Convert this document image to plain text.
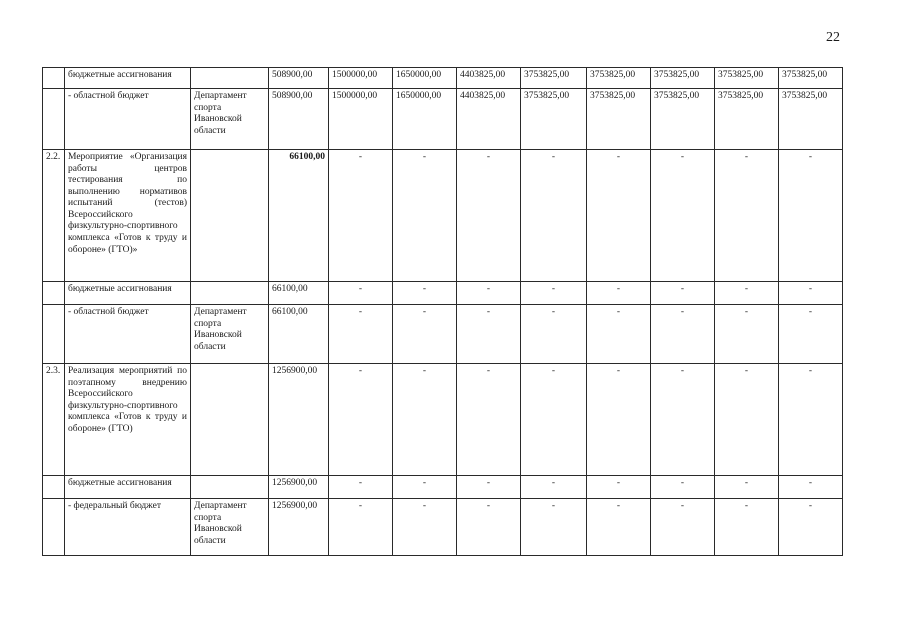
22
	бюджетные ассигнования		508900,00	1500000,00	1650000,00	4403825,00	3753825,00	3753825,00	3753825,00	3753825,00	3753825,00
	- областной бюджет	Департамент спорта Ивановской области	508900,00	1500000,00	1650000,00	4403825,00	3753825,00	3753825,00	3753825,00	3753825,00	3753825,00
2.2.	Мероприятие «Организация работы центров тестирования по выполнению нормативов испытаний (тестов) Всероссийского физкультурно-спортивного комплекса «Готов к труду и обороне» (ГТО)»		66100,00	-	-	-	-	-	-	-	-
	бюджетные ассигнования		66100,00	-	-	-	-	-	-	-	-
	- областной бюджет	Департамент спорта Ивановской области	66100,00	-	-	-	-	-	-	-	-
2.3.	Реализация мероприятий по поэтапному внедрению Всероссийского физкультурно-спортивного комплекса «Готов к труду и обороне» (ГТО)		1256900,00	-	-	-	-	-	-	-	-
	бюджетные ассигнования		1256900,00	-	-	-	-	-	-	-	-
	- федеральный бюджет	Департамент спорта Ивановской области	1256900,00	-	-	-	-	-	-	-	-
